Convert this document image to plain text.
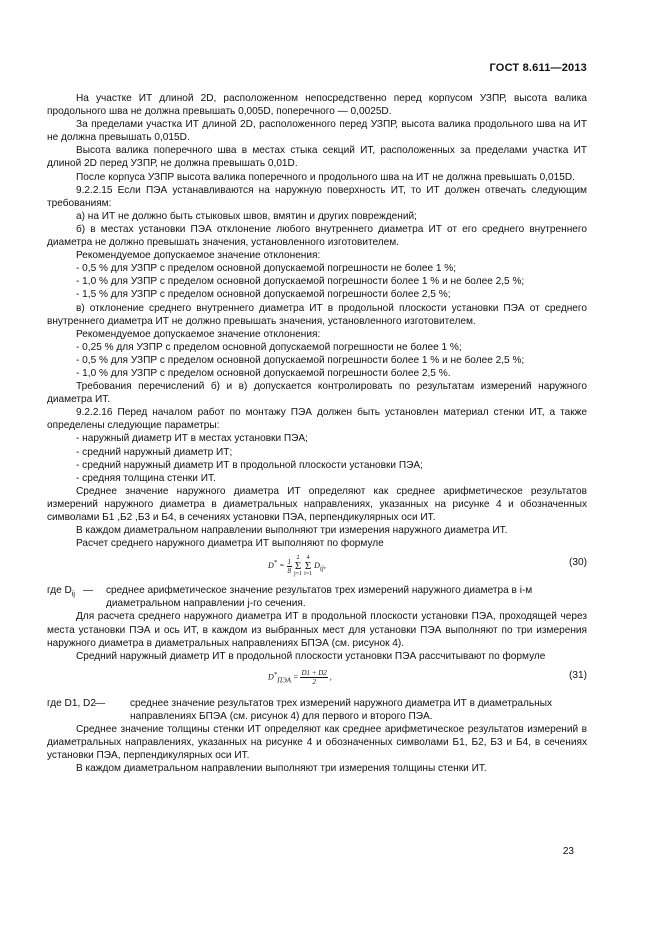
ГОСТ 8.611—2013

На участке ИТ длиной 2D, расположенном непосредственно перед корпусом УЗПР, высота валика продольного шва не должна превышать 0,005D, поперечного — 0,0025D.

За пределами участка ИТ длиной 2D, расположенного перед УЗПР, высота валика продольного шва на ИТ не должна превышать 0,015D.

Высота валика поперечного шва в местах стыка секций ИТ, расположенных за пределами участка ИТ длиной 2D перед УЗПР, не должна превышать 0,01D.

После корпуса УЗПР высота валика поперечного и продольного шва на ИТ не должна превышать 0,015D.

9.2.2.15 Если ПЭА устанавливаются на наружную поверхность ИТ, то ИТ должен отвечать следующим требованиям:

а) на ИТ не должно быть стыковых швов, вмятин и других повреждений;

б) в местах установки ПЭА отклонение любого внутреннего диаметра ИТ от его среднего внутреннего диаметра не должно превышать значения, установленного изготовителем.

Рекомендуемое допускаемое значение отклонения:

- 0,5 % для УЗПР с пределом основной допускаемой погрешности не более 1 %;

- 1,0 % для УЗПР с пределом основной допускаемой погрешности более 1 % и не более 2,5 %;

- 1,5 % для УЗПР с пределом основной допускаемой погрешности более 2,5 %;

в) отклонение среднего внутреннего диаметра ИТ в продольной плоскости установки ПЭА от среднего внутреннего диаметра ИТ не должно превышать значения, установленного изготовителем.

Рекомендуемое допускаемое значение отклонения:

- 0,25 % для УЗПР с пределом основной допускаемой погрешности не более 1 %;

- 0,5 % для УЗПР с пределом основной допускаемой погрешности более 1 % и не более 2,5 %;

- 1,0 % для УЗПР с пределом основной допускаемой погрешности более 2,5 %.

Требования перечислений б) и в) допускается контролировать по результатам измерений наружного диаметра ИТ.

9.2.2.16 Перед началом работ по монтажу ПЭА должен быть установлен материал стенки ИТ, а также определены следующие параметры:

- наружный диаметр ИТ в местах установки ПЭА;

- средний наружный диаметр ИТ;

- средний наружный диаметр ИТ в продольной плоскости установки ПЭА;

- средняя толщина стенки ИТ.

Среднее значение наружного диаметра ИТ определяют как среднее арифметическое результатов измерений наружного диаметра в диаметральных направлениях, указанных на рисунке 4 и обозначенных символами Б1 ,Б2 ,Б3 и Б4, в сечениях установки ПЭА, перпендикулярных оси ИТ.

В каждом диаметральном направлении выполняют три измерения наружного диаметра ИТ.

Расчет среднего наружного диаметра ИТ выполняют по формуле

$D^* = \frac{1}{8} 2$
Σ
j=1 4
Σ
i=1 $D_{ij}$,	(30)
где $D_{ij}$ — среднее арифметическое значение результатов трех измерений наружного диаметра в i-м диаметральном направлении j-го сечения.

Для расчета среднего наружного диаметра ИТ в продольной плоскости установки ПЭА, проходящей через места установки ПЭА и ось ИТ, в каждом из выбранных мест для установки ПЭА выполняют по три измерения наружного диаметра в диаметральных направлениях БПЭА (см. рисунок 4).

Средний наружный диаметр ИТ в продольной плоскости установки ПЭА рассчитывают по формуле

$D^*_{ПЭА} = \frac{D1 + D2}{2}$ ,	(31)
где D1, D2 —	среднее значение результатов трех измерений наружного диаметра ИТ в диаметральных направлениях БПЭА (см. рисунок 4) для первого и второго ПЭА.

Среднее значение толщины стенки ИТ определяют как среднее арифметическое результатов измерений в диаметральных направлениях, указанных на рисунке 4 и обозначенных символами Б1, Б2, Б3 и Б4, в сечениях установки ПЭА, перпендикулярных оси ИТ.

В каждом диаметральном направлении выполняют три измерения толщины стенки ИТ.

23
